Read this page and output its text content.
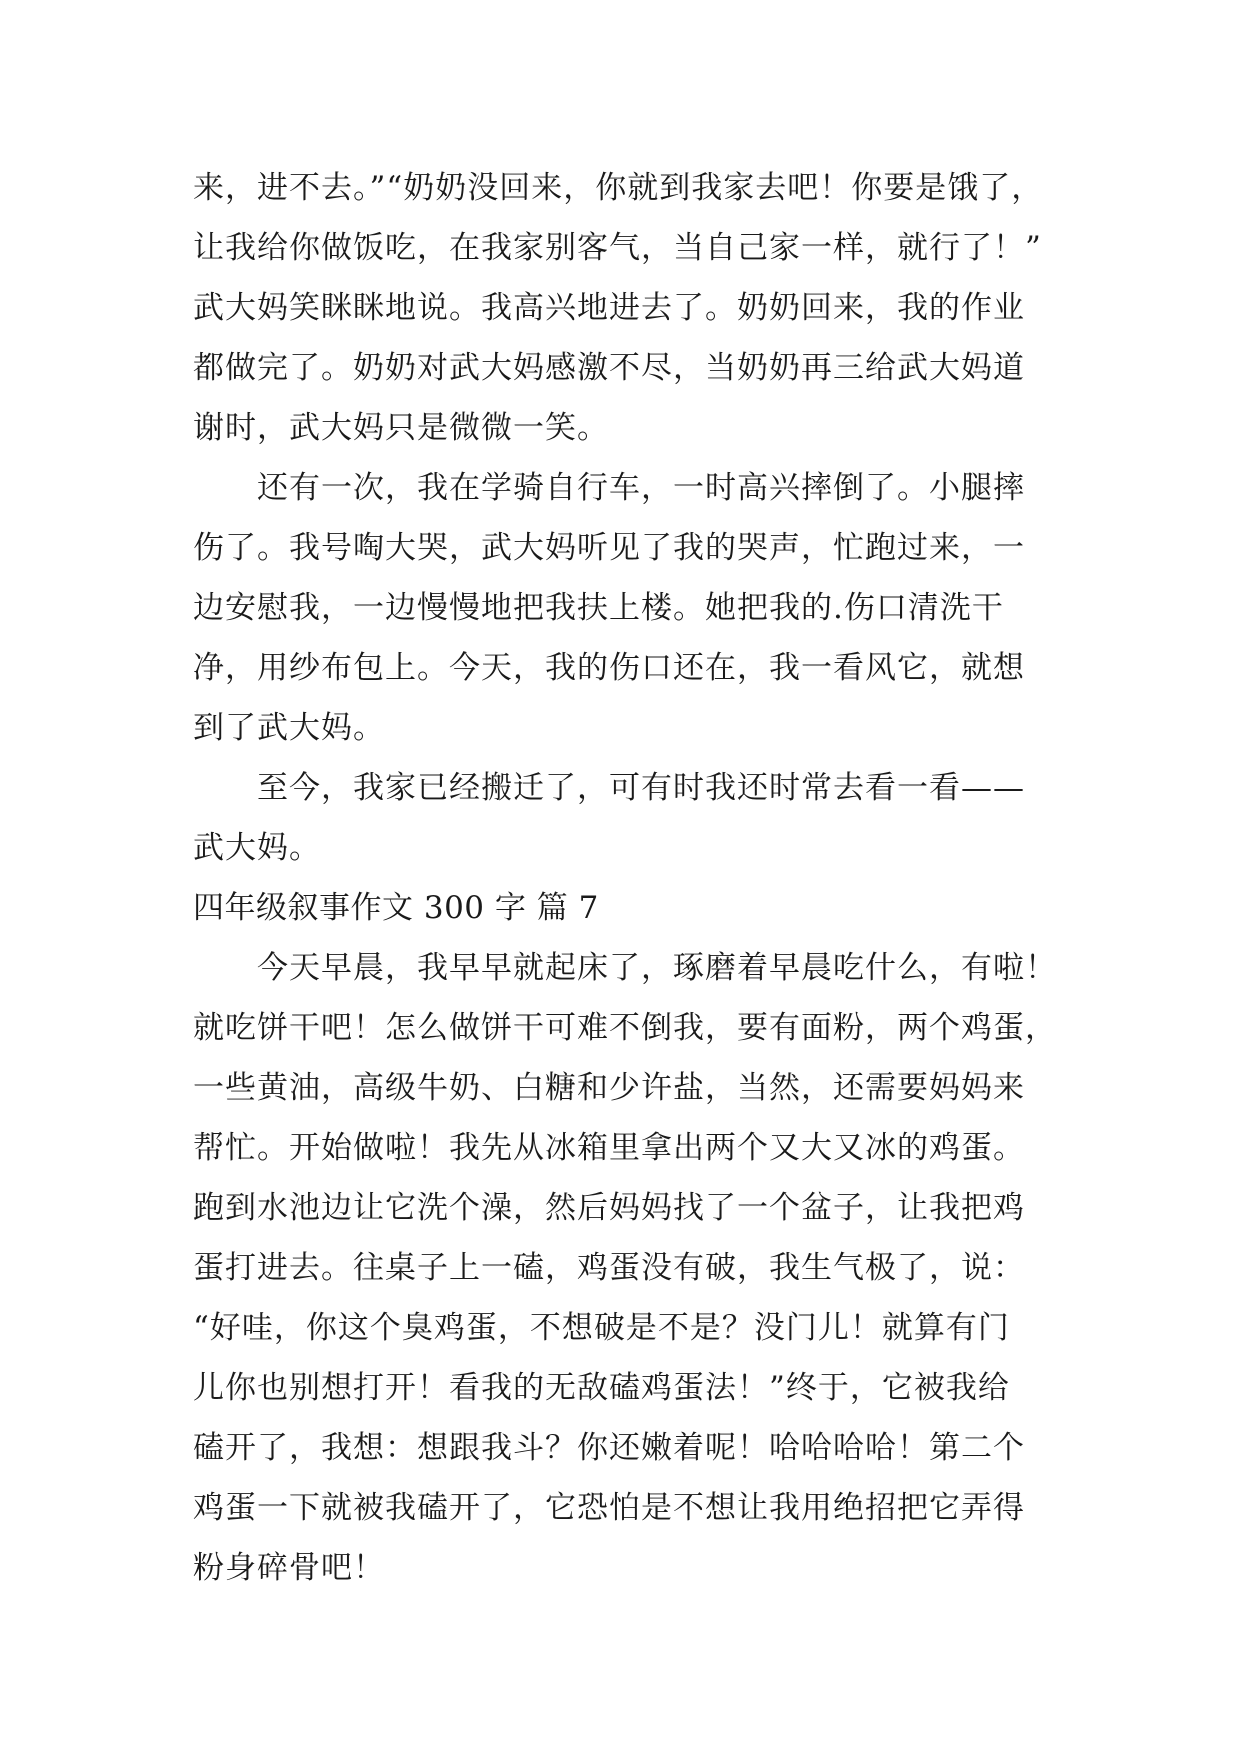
来，进不去。”“奶奶没回来，你就到我家去吧！你要是饿了，
让我给你做饭吃，在我家别客气，当自己家一样，就行了！”
武大妈笑眯眯地说。我高兴地进去了。奶奶回来，我的作业
都做完了。奶奶对武大妈感激不尽，当奶奶再三给武大妈道
谢时，武大妈只是微微一笑。
　　还有一次，我在学骑自行车，一时高兴摔倒了。小腿摔
伤了。我号啕大哭，武大妈听见了我的哭声，忙跑过来，一
边安慰我，一边慢慢地把我扶上楼。她把我的.伤口清洗干
净，用纱布包上。今天，我的伤口还在，我一看风它，就想
到了武大妈。
　　至今，我家已经搬迁了，可有时我还时常去看一看——
武大妈。
四年级叙事作文 300 字 篇 7
　　今天早晨，我早早就起床了，琢磨着早晨吃什么，有啦！
就吃饼干吧！怎么做饼干可难不倒我，要有面粉，两个鸡蛋，
一些黄油，高级牛奶、白糖和少许盐，当然，还需要妈妈来
帮忙。开始做啦！我先从冰箱里拿出两个又大又冰的鸡蛋。
跑到水池边让它洗个澡，然后妈妈找了一个盆子，让我把鸡
蛋打进去。往桌子上一磕，鸡蛋没有破，我生气极了，说：
“好哇，你这个臭鸡蛋，不想破是不是？没门儿！就算有门
儿你也别想打开！看我的无敌磕鸡蛋法！”终于，它被我给
磕开了，我想：想跟我斗？你还嫩着呢！哈哈哈哈！第二个
鸡蛋一下就被我磕开了，它恐怕是不想让我用绝招把它弄得
粉身碎骨吧！
